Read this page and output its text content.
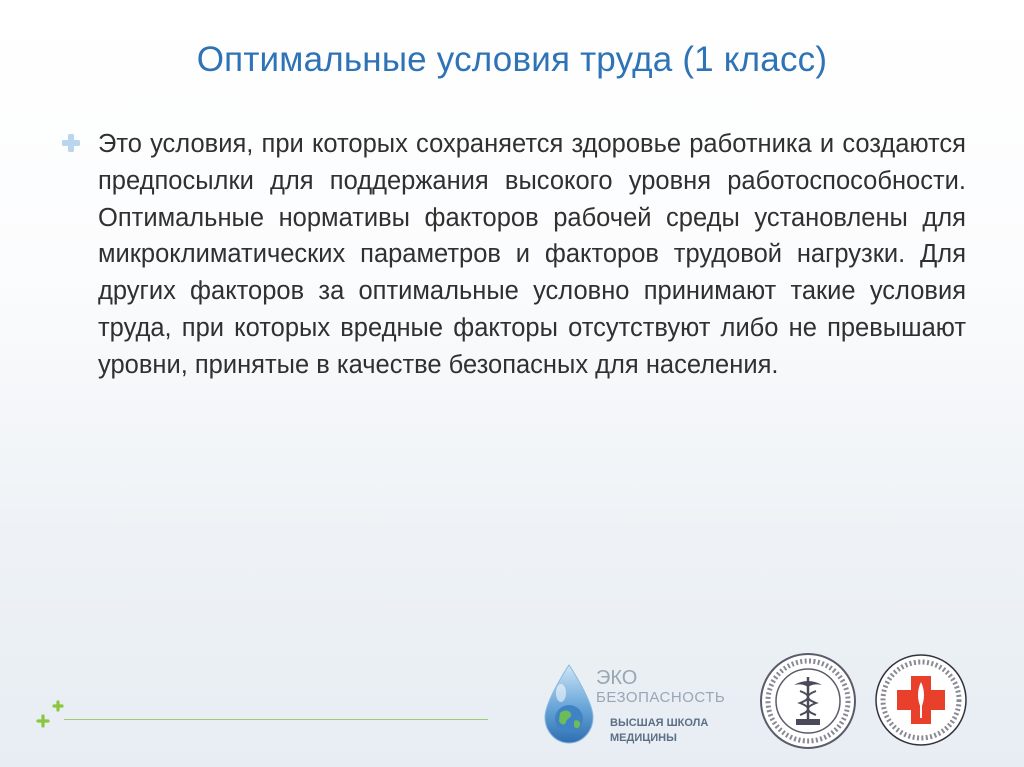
Оптимальные условия труда (1 класс)

Это условия, при которых сохраняется здоровье работника и создаются предпосылки для поддержания высокого уровня работоспособности. Оптимальные нормативы факторов рабочей среды установлены для микроклиматических параметров и факторов трудовой нагрузки. Для других факторов за оптимальные условно принимают такие условия труда, при которых вредные факторы отсутствуют либо не превышают уровни, принятые в качестве безопасных для населения.

ЭКО
БЕЗОПАСНОСТЬ
ВЫСШАЯ ШКОЛА
МЕДИЦИНЫ
